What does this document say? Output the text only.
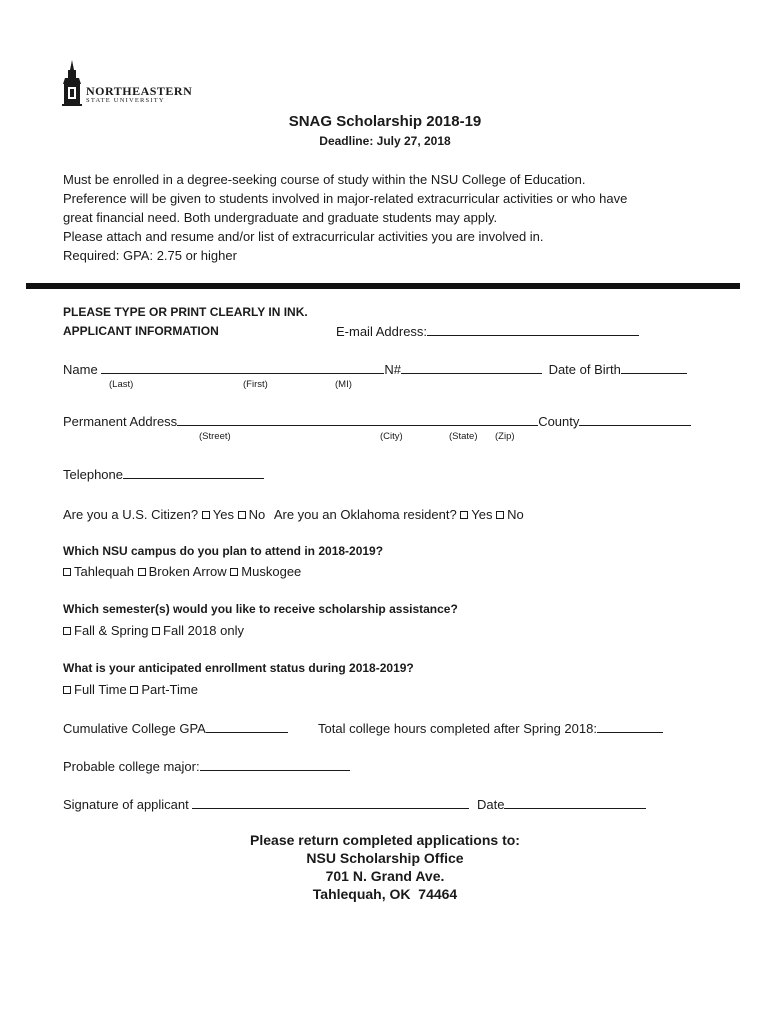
NORTHEASTERN
STATE UNIVERSITY
SNAG Scholarship 2018-19
Deadline: July 27, 2018
Must be enrolled in a degree-seeking course of study within the NSU College of Education.
Preference will be given to students involved in major-related extracurricular activities or who have
great financial need. Both undergraduate and graduate students may apply.
Please attach and resume and/or list of extracurricular activities you are involved in.
Required: GPA: 2.75 or higher
PLEASE TYPE OR PRINT CLEARLY IN INK.
APPLICANT INFORMATION	E-mail Address:
Name	N#	Date of Birth
(Last)	(First)	(MI)
Permanent Address	County
(Street)	(City)	(State) (Zip)
Telephone
Are you a U.S. Citizen? Yes No Are you an Oklahoma resident? Yes No
Which NSU campus do you plan to attend in 2018-2019?
Tahlequah Broken Arrow Muskogee
Which semester(s) would you like to receive scholarship assistance?
Fall & Spring Fall 2018 only
What is your anticipated enrollment status during 2018-2019?
Full Time Part-Time
Cumulative College GPA	Total college hours completed after Spring 2018:
Probable college major:
Signature of applicant	Date
Please return completed applications to:
NSU Scholarship Office
701 N. Grand Ave.
Tahlequah, OK  74464
